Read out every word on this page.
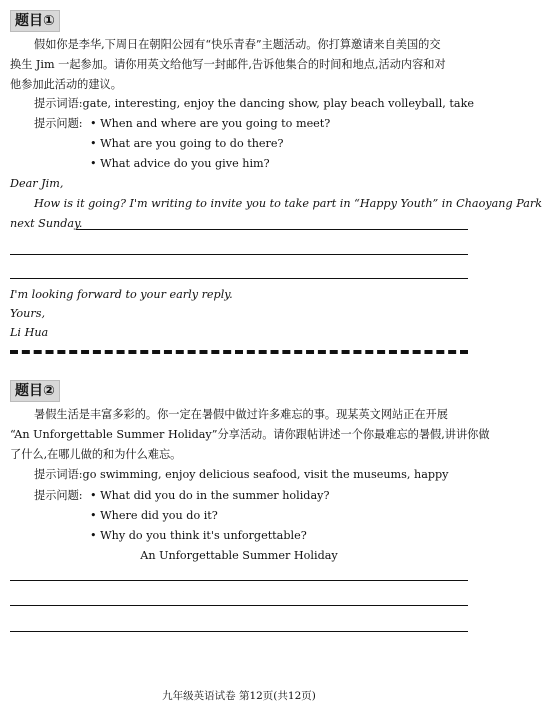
题目①
假如你是李华,下周日在朝阳公园有“快乐青春”主题活动。你打算邀请来自美国的交
换生 Jim 一起参加。请你用英文给他写一封邮件,告诉他集合的时间和地点,活动内容和对
他参加此活动的建议。
提示词语:gate, interesting, enjoy the dancing show, play beach volleyball, take
提示问题: • When and where are you going to meet?
• What are you going to do there?
• What advice do you give him?
Dear Jim,
How is it going? I'm writing to invite you to take part in “Happy Youth” in Chaoyang Park
next Sunday.
I'm looking forward to your early reply.
Yours,
Li Hua
题目②
暑假生活是丰富多彩的。你一定在暑假中做过许多难忘的事。现某英文网站正在开展
“An Unforgettable Summer Holiday”分享活动。请你跟帖讲述一个你最难忘的暑假,讲讲你做
了什么,在哪儿做的和为什么难忘。
提示词语:go swimming, enjoy delicious seafood, visit the museums, happy
提示问题: • What did you do in the summer holiday?
• Where did you do it?
• Why do you think it's unforgettable?
An Unforgettable Summer Holiday
九年级英语试卷 第12页(共12页)
